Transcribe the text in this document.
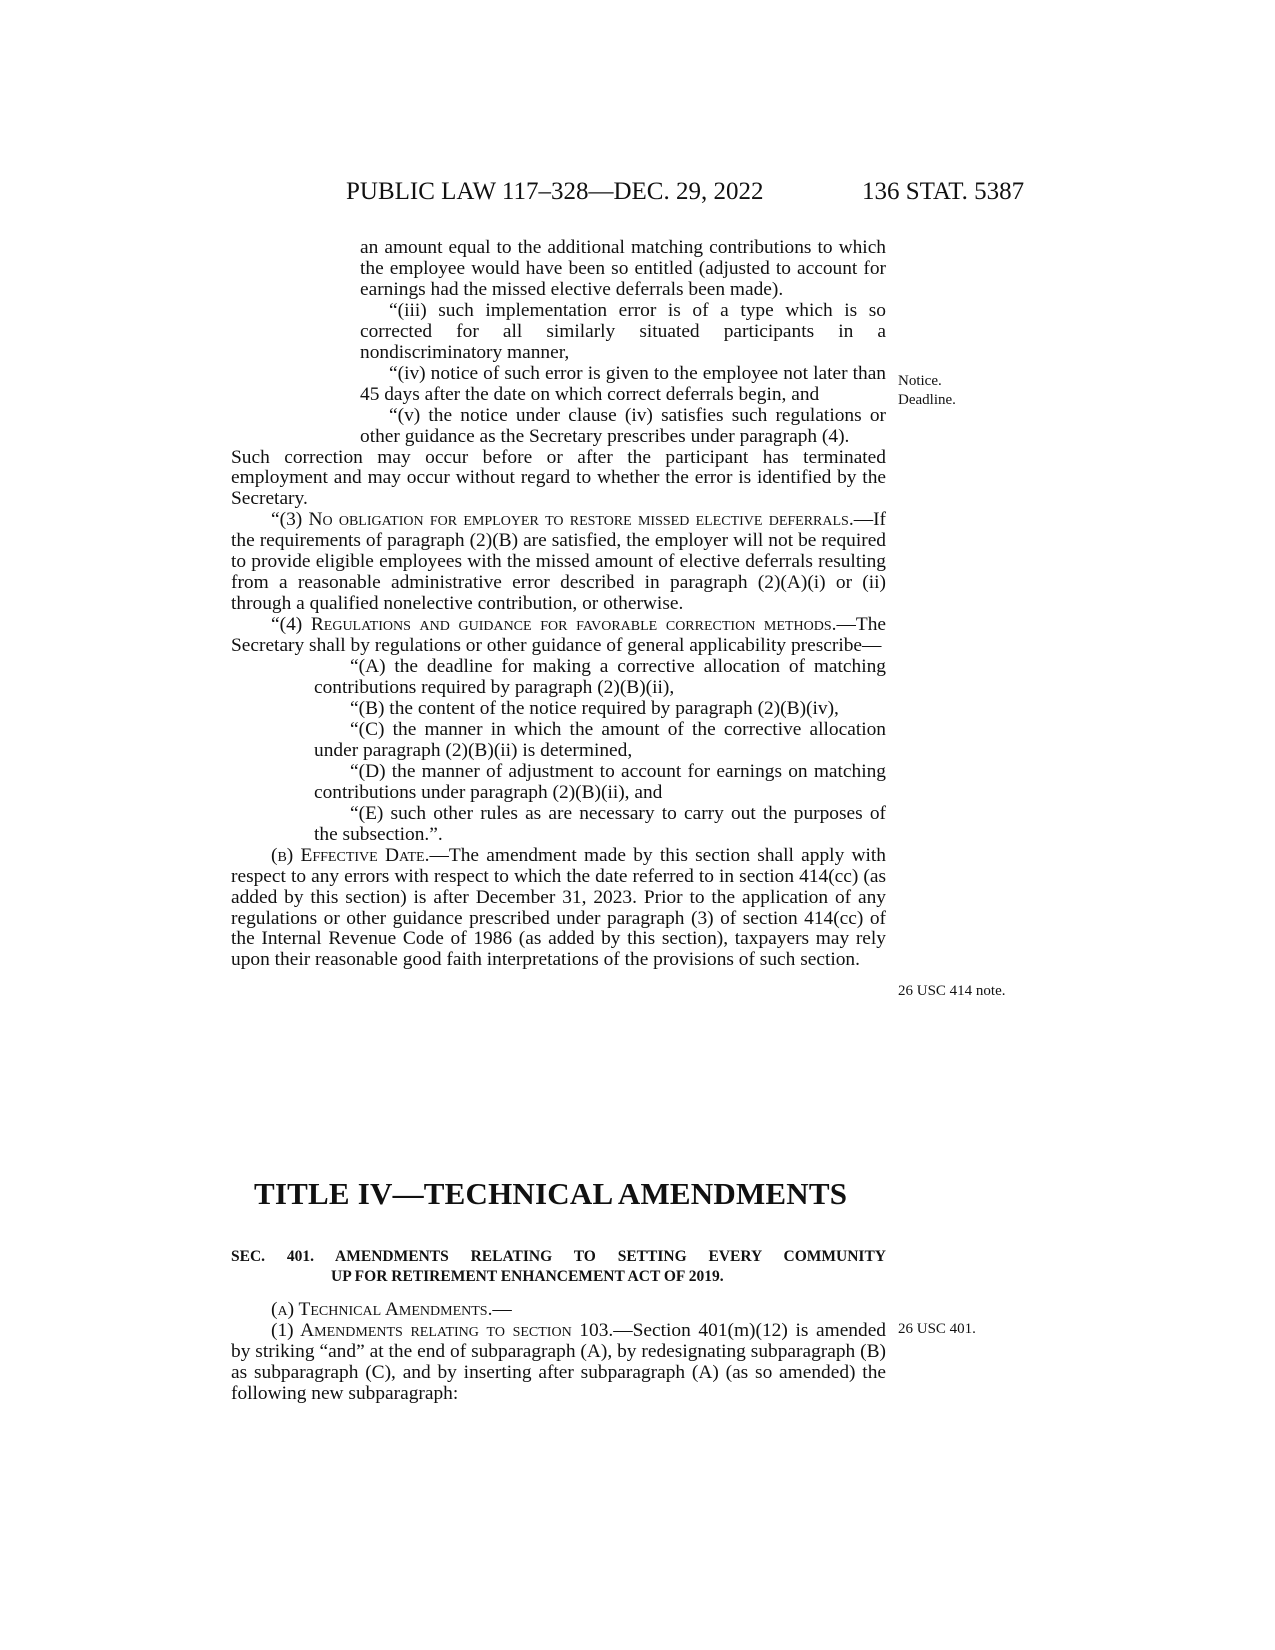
PUBLIC LAW 117–328—DEC. 29, 2022	136 STAT. 5387

an amount equal to the additional matching contributions to which the employee would have been so entitled (adjusted to account for earnings had the missed elective deferrals been made).

“(iii) such implementation error is of a type which is so corrected for all similarly situated participants in a nondiscriminatory manner,

“(iv) notice of such error is given to the employee not later than 45 days after the date on which correct deferrals begin, and

“(v) the notice under clause (iv) satisfies such regulations or other guidance as the Secretary prescribes under paragraph (4).

Such correction may occur before or after the participant has terminated employment and may occur without regard to whether the error is identified by the Secretary.

“(3) No obligation for employer to restore missed elective deferrals.—If the requirements of paragraph (2)(B) are satisfied, the employer will not be required to provide eligible employees with the missed amount of elective deferrals resulting from a reasonable administrative error described in paragraph (2)(A)(i) or (ii) through a qualified nonelective contribution, or otherwise.

“(4) Regulations and guidance for favorable correction methods.—The Secretary shall by regulations or other guidance of general applicability prescribe—

“(A) the deadline for making a corrective allocation of matching contributions required by paragraph (2)(B)(ii),

“(B) the content of the notice required by paragraph (2)(B)(iv),

“(C) the manner in which the amount of the corrective allocation under paragraph (2)(B)(ii) is determined,

“(D) the manner of adjustment to account for earnings on matching contributions under paragraph (2)(B)(ii), and

“(E) such other rules as are necessary to carry out the purposes of the subsection.”.

(b) Effective Date.—The amendment made by this section shall apply with respect to any errors with respect to which the date referred to in section 414(cc) (as added by this section) is after December 31, 2023. Prior to the application of any regulations or other guidance prescribed under paragraph (3) of section 414(cc) of the Internal Revenue Code of 1986 (as added by this section), taxpayers may rely upon their reasonable good faith interpretations of the provisions of such section.

TITLE IV—TECHNICAL AMENDMENTS
SEC. 401. AMENDMENTS RELATING TO SETTING EVERY COMMUNITY
UP FOR RETIREMENT ENHANCEMENT ACT OF 2019.

(a) Technical Amendments.—

(1) Amendments relating to section 103.—Section 401(m)(12) is amended by striking “and” at the end of subparagraph (A), by redesignating subparagraph (B) as subparagraph (C), and by inserting after subparagraph (A) (as so amended) the following new subparagraph:

Notice.
Deadline.
26 USC 414 note.
26 USC 401.
